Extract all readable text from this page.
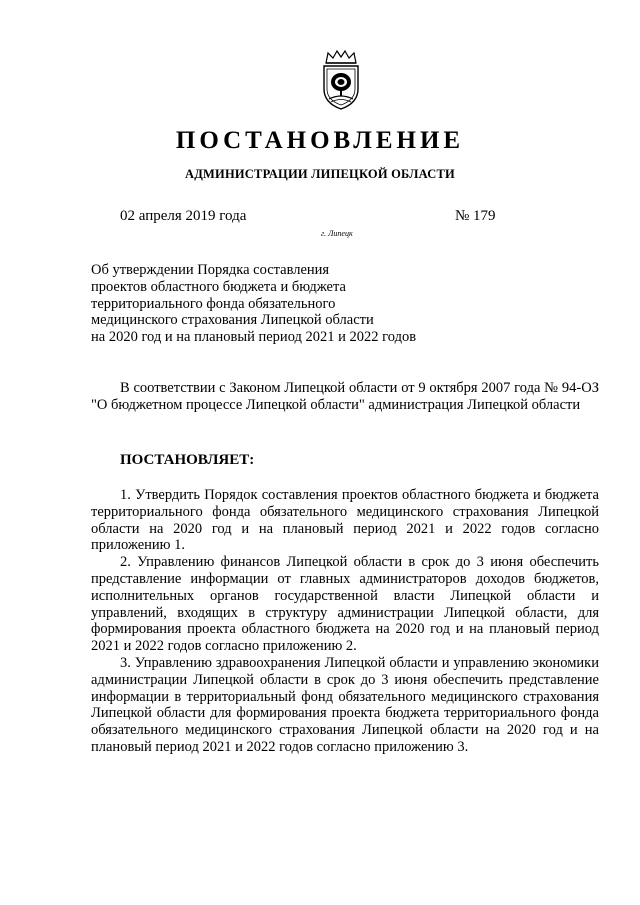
ПОСТАНОВЛЕНИЕ
АДМИНИСТРАЦИИ ЛИПЕЦКОЙ ОБЛАСТИ
02 апреля 2019 года	№ 179
г. Липецк
Об утверждении Порядка составления
проектов областного бюджета и бюджета
территориального фонда обязательного
медицинского страхования Липецкой области
на 2020 год и на плановый период 2021 и 2022 годов

В соответствии с Законом Липецкой области от 9 октября 2007 года № 94-ОЗ "О бюджетном процессе Липецкой области" администрация Липецкой области

ПОСТАНОВЛЯЕТ:

1. Утвердить Порядок составления проектов областного бюджета и бюджета территориального фонда обязательного медицинского страхования Липецкой области на 2020 год и на плановый период 2021 и 2022 годов согласно приложению 1.

2. Управлению финансов Липецкой области в срок до 3 июня обеспечить представление информации от главных администраторов доходов бюджетов, исполнительных органов государственной власти Липецкой области и управлений, входящих в структуру администрации Липецкой области, для формирования проекта областного бюджета на 2020 год и на плановый период 2021 и 2022 годов согласно приложению 2.

3. Управлению здравоохранения Липецкой области и управлению экономики администрации Липецкой области в срок до 3 июня обеспечить представление информации в территориальный фонд обязательного медицинского страхования Липецкой области для формирования проекта бюджета территориального фонда обязательного медицинского страхования Липецкой области на 2020 год и на плановый период 2021 и 2022 годов согласно приложению 3.
